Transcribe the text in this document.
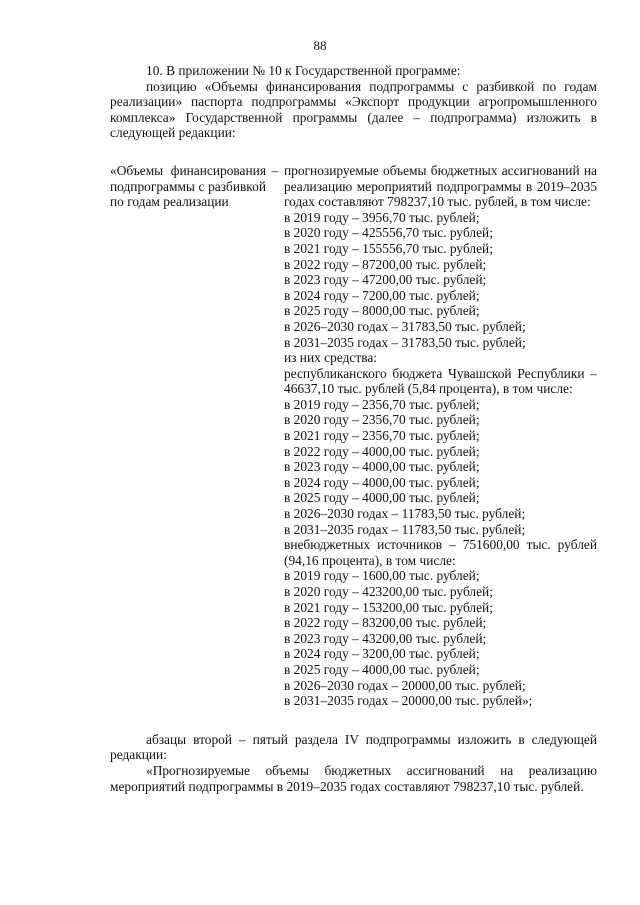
88

10. В приложении № 10 к Государственной программе:

позицию «Объемы финансирования подпрограммы с разбивкой по годам реализации» паспорта подпрограммы «Экспорт продукции агропромышленного комплекса» Государственной программы (далее – подпрограмма) изложить в следующей редакции:

«Объемы финансирования подпрограммы с разбивкой по годам реализации
– прогнозируемые объемы бюджетных ассигнований на реализацию мероприятий подпрограммы в 2019–2035 годах составляют 798237,10 тыс. рублей, в том числе:

в 2019 году – 3956,70 тыс. рублей;
в 2020 году – 425556,70 тыс. рублей;
в 2021 году – 155556,70 тыс. рублей;
в 2022 году – 87200,00 тыс. рублей;
в 2023 году – 47200,00 тыс. рублей;
в 2024 году – 7200,00 тыс. рублей;
в 2025 году – 8000,00 тыс. рублей;
в 2026–2030 годах – 31783,50 тыс. рублей;
в 2031–2035 годах – 31783,50 тыс. рублей;
из них средства:

республиканского бюджета Чувашской Республики – 46637,10 тыс. рублей (5,84 процента), в том числе:

в 2019 году – 2356,70 тыс. рублей;
в 2020 году – 2356,70 тыс. рублей;
в 2021 году – 2356,70 тыс. рублей;
в 2022 году – 4000,00 тыс. рублей;
в 2023 году – 4000,00 тыс. рублей;
в 2024 году – 4000,00 тыс. рублей;
в 2025 году – 4000,00 тыс. рублей;
в 2026–2030 годах – 11783,50 тыс. рублей;
в 2031–2035 годах – 11783,50 тыс. рублей;

внебюджетных источников – 751600,00 тыс. рублей (94,16 процента), в том числе:

в 2019 году – 1600,00 тыс. рублей;
в 2020 году – 423200,00 тыс. рублей;
в 2021 году – 153200,00 тыс. рублей;
в 2022 году – 83200,00 тыс. рублей;
в 2023 году – 43200,00 тыс. рублей;
в 2024 году – 3200,00 тыс. рублей;
в 2025 году – 4000,00 тыс. рублей;
в 2026–2030 годах – 20000,00 тыс. рублей;
в 2031–2035 годах – 20000,00 тыс. рублей»;

абзацы второй – пятый раздела IV подпрограммы изложить в следующей редакции:

«Прогнозируемые объемы бюджетных ассигнований на реализацию мероприятий подпрограммы в 2019–2035 годах составляют 798237,10 тыс. рублей.
